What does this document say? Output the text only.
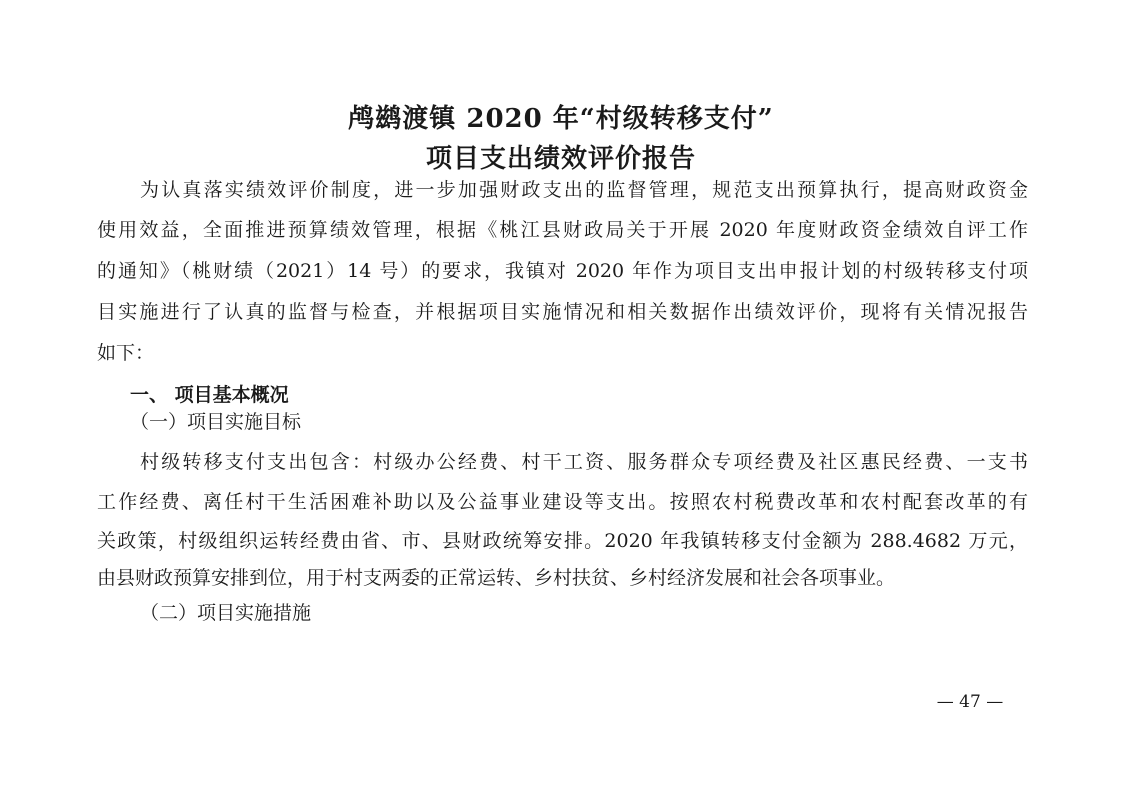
鸬鹚渡镇 2020 年“村级转移支付”
项目支出绩效评价报告
为认真落实绩效评价制度，进一步加强财政支出的监督管理，规范支出预算执行，提高财政资金
使用效益，全面推进预算绩效管理，根据《桃江县财政局关于开展 2020 年度财政资金绩效自评工作
的通知》（桃财绩（2021）14 号）的要求，我镇对 2020 年作为项目支出申报计划的村级转移支付项
目实施进行了认真的监督与检查，并根据项目实施情况和相关数据作出绩效评价，现将有关情况报告
如下：
一、 项目基本概况
（一）项目实施目标
村级转移支付支出包含：村级办公经费、村干工资、服务群众专项经费及社区惠民经费、一支书
工作经费、离任村干生活困难补助以及公益事业建设等支出。按照农村税费改革和农村配套改革的有
关政策，村级组织运转经费由省、市、县财政统筹安排。2020 年我镇转移支付金额为 288.4682 万元，
由县财政预算安排到位，用于村支两委的正常运转、乡村扶贫、乡村经济发展和社会各项事业。
（二）项目实施措施
— 47 —
